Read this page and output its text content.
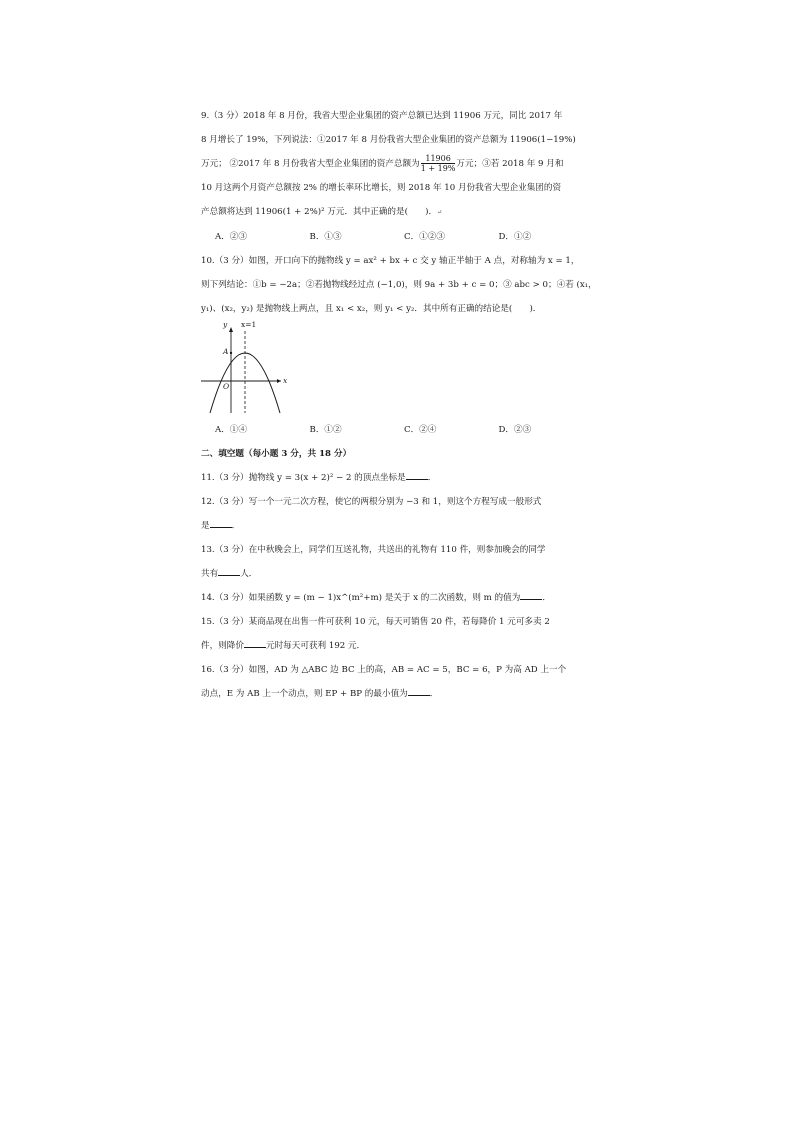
9.（3 分）2018 年 8 月份，我省大型企业集团的资产总额已达到 11906 万元，同比 2017 年
8 月增长了 19%，下列说法：①2017 年 8 月份我省大型企业集团的资产总额为 11906(1−19%)
万元； ②2017 年 8 月份我省大型企业集团的资产总额为 $\frac{11906}{1 + 19\%}$ 万元；③若 2018 年 9 月和
10 月这两个月资产总额按 2% 的增长率环比增长，则 2018 年 10 月份我省大型企业集团的资
产总额将达到 11906(1 + 2%)² 万元．其中正确的是(　　)．↵
A．②③	B．①③	C．①②③	D．①②
10.（3 分）如图，开口向下的抛物线 y = ax² + bx + c 交 y 轴正半轴于 A 点，对称轴为 x = 1，
则下列结论：①b = −2a；②若抛物线经过点 (−1,0)，则 9a + 3b + c = 0；③ abc > 0；④若 (x₁，
y₁)、(x₂，y₂) 是抛物线上两点，且 x₁ < x₂，则 y₁ < y₂．其中所有正确的结论是(　　)．
y x=1
A
O
x
A．①④	B．①②	C．②④	D．②③
二、填空题（每小题 3 分，共 18 分）
11.（3 分）抛物线 y = 3(x + 2)² − 2 的顶点坐标是	．
12.（3 分）写一个一元二次方程，使它的两根分别为 −3 和 1，则这个方程写成一般形式
是	．
13.（3 分）在中秋晚会上，同学们互送礼物，共送出的礼物有 110 件，则参加晚会的同学
共有	人．
14.（3 分）如果函数 y = (m − 1)x^(m²+m) 是关于 x 的二次函数，则 m 的值为	．
15.（3 分）某商品现在出售一件可获利 10 元，每天可销售 20 件，若每降价 1 元可多卖 2
件，则降价	元时每天可获利 192 元．
16.（3 分）如图，AD 为 △ABC 边 BC 上的高，AB = AC = 5，BC = 6，P 为高 AD 上一个
动点，E 为 AB 上一个动点，则 EP + BP 的最小值为	．
